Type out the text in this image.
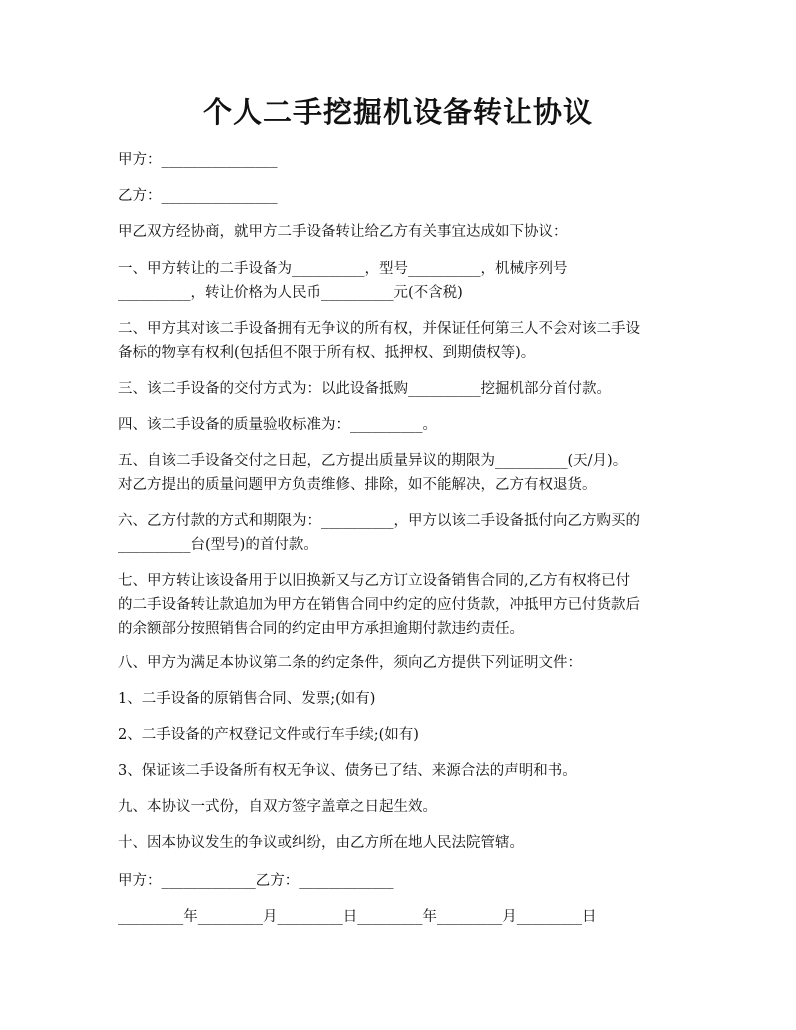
个人二手挖掘机设备转让协议
甲方：________________
乙方：________________
甲乙双方经协商，就甲方二手设备转让给乙方有关事宜达成如下协议：
一、甲方转让的二手设备为__________，型号__________，机械序列号
__________，转让价格为人民币__________元(不含税)
二、甲方其对该二手设备拥有无争议的所有权，并保证任何第三人不会对该二手设
备标的物享有权利(包括但不限于所有权、抵押权、到期债权等)。
三、该二手设备的交付方式为：以此设备抵购__________挖掘机部分首付款。
四、该二手设备的质量验收标准为：__________。
五、自该二手设备交付之日起，乙方提出质量异议的期限为__________(天/月)。
对乙方提出的质量问题甲方负责维修、排除，如不能解决，乙方有权退货。
六、乙方付款的方式和期限为：__________，甲方以该二手设备抵付向乙方购买的
__________台(型号)的首付款。
七、甲方转让该设备用于以旧换新又与乙方订立设备销售合同的,乙方有权将已付
的二手设备转让款追加为甲方在销售合同中约定的应付货款，冲抵甲方已付货款后
的余额部分按照销售合同的约定由甲方承担逾期付款违约责任。
八、甲方为满足本协议第二条的约定条件，须向乙方提供下列证明文件：
1、二手设备的原销售合同、发票;(如有)
2、二手设备的产权登记文件或行车手续;(如有)
3、保证该二手设备所有权无争议、债务已了结、来源合法的声明和书。
九、本协议一式份，自双方签字盖章之日起生效。
十、因本协议发生的争议或纠纷，由乙方所在地人民法院管辖。
甲方：_____________乙方：_____________
_________年_________月_________日_________年_________月_________日
